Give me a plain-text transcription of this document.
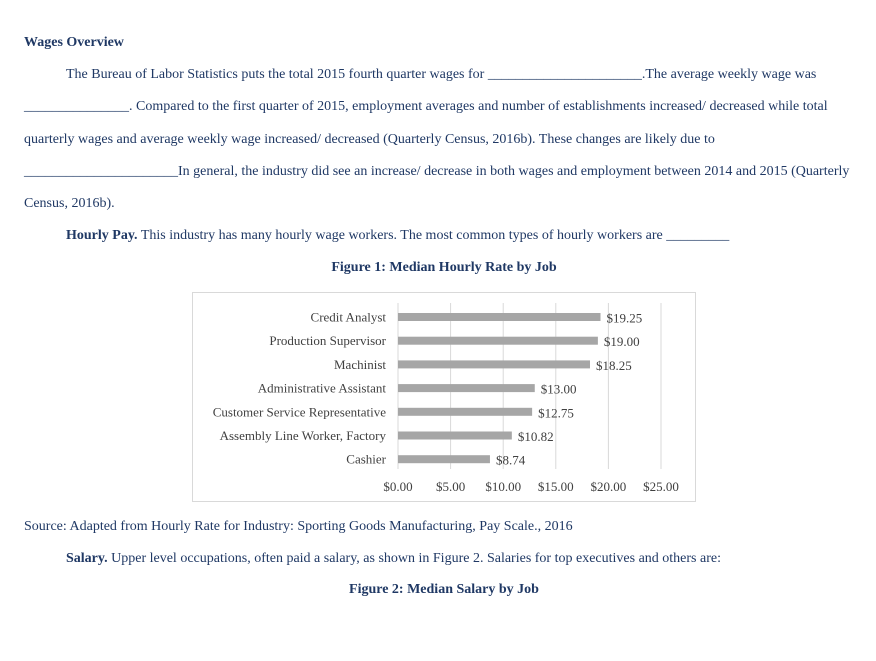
Wages Overview
The Bureau of Labor Statistics puts the total 2015 fourth quarter wages for ______________________.The average weekly wage was
_______________. Compared to the first quarter of 2015, employment averages and number of establishments increased/ decreased while total
quarterly wages and average weekly wage increased/ decreased (Quarterly Census, 2016b). These changes are likely due to
______________________In general, the industry did see an increase/ decrease in both wages and employment between 2014 and 2015 (Quarterly
Census, 2016b).
Hourly Pay. This industry has many hourly wage workers. The most common types of hourly workers are _________
Figure 1: Median Hourly Rate by Job
Credit Analyst	$19.25
Production Supervisor	$19.00
Machinist	$18.25
Administrative Assistant	$13.00
Customer Service Representative	$12.75
Assembly Line Worker, Factory	$10.82
Cashier	$8.74
$0.00 $5.00 $10.00 $15.00 $20.00 $25.00
Source: Adapted from Hourly Rate for Industry: Sporting Goods Manufacturing, Pay Scale., 2016
Salary. Upper level occupations, often paid a salary, as shown in Figure 2. Salaries for top executives and others are:
Figure 2: Median Salary by Job
